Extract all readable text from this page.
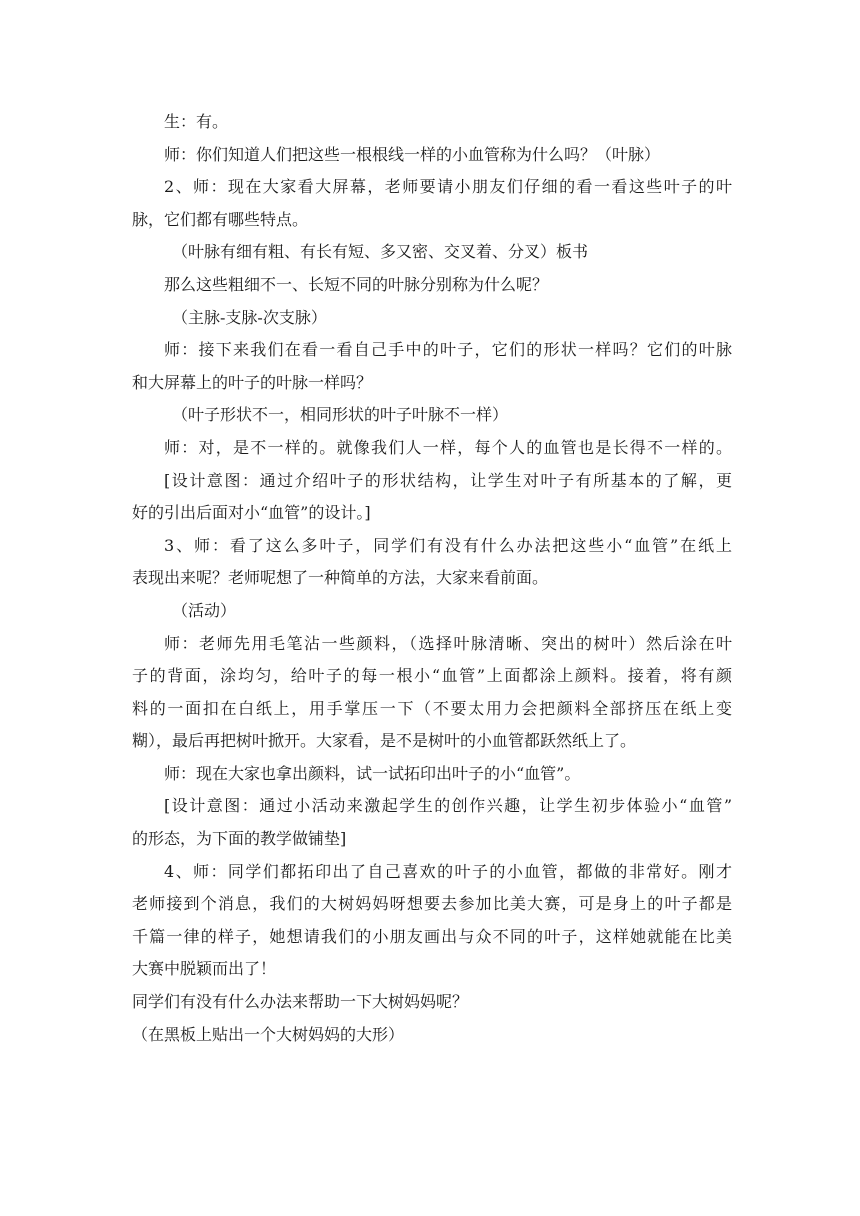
生：有。
师：你们知道人们把这些一根根线一样的小血管称为什么吗？（叶脉）
2、师：现在大家看大屏幕，老师要请小朋友们仔细的看一看这些叶子的叶
脉，它们都有哪些特点。
（叶脉有细有粗、有长有短、多又密、交叉着、分叉）板书
那么这些粗细不一、长短不同的叶脉分别称为什么呢？
（主脉-支脉-次支脉）
师：接下来我们在看一看自己手中的叶子，它们的形状一样吗？它们的叶脉
和大屏幕上的叶子的叶脉一样吗？
（叶子形状不一，相同形状的叶子叶脉不一样）
师：对，是不一样的。就像我们人一样，每个人的血管也是长得不一样的。
[设计意图：通过介绍叶子的形状结构，让学生对叶子有所基本的了解，更
好的引出后面对小“血管”的设计。]
3、师：看了这么多叶子，同学们有没有什么办法把这些小“血管”在纸上
表现出来呢？老师呢想了一种简单的方法，大家来看前面。
（活动）
师：老师先用毛笔沾一些颜料，（选择叶脉清晰、突出的树叶）然后涂在叶
子的背面，涂均匀，给叶子的每一根小“血管”上面都涂上颜料。接着，将有颜
料的一面扣在白纸上，用手掌压一下（不要太用力会把颜料全部挤压在纸上变
糊），最后再把树叶掀开。大家看，是不是树叶的小血管都跃然纸上了。
师：现在大家也拿出颜料，试一试拓印出叶子的小“血管”。
[设计意图：通过小活动来激起学生的创作兴趣，让学生初步体验小“血管”
的形态，为下面的教学做铺垫]
4、师：同学们都拓印出了自己喜欢的叶子的小血管，都做的非常好。刚才
老师接到个消息，我们的大树妈妈呀想要去参加比美大赛，可是身上的叶子都是
千篇一律的样子，她想请我们的小朋友画出与众不同的叶子，这样她就能在比美
大赛中脱颖而出了！
同学们有没有什么办法来帮助一下大树妈妈呢？
（在黑板上贴出一个大树妈妈的大形）
